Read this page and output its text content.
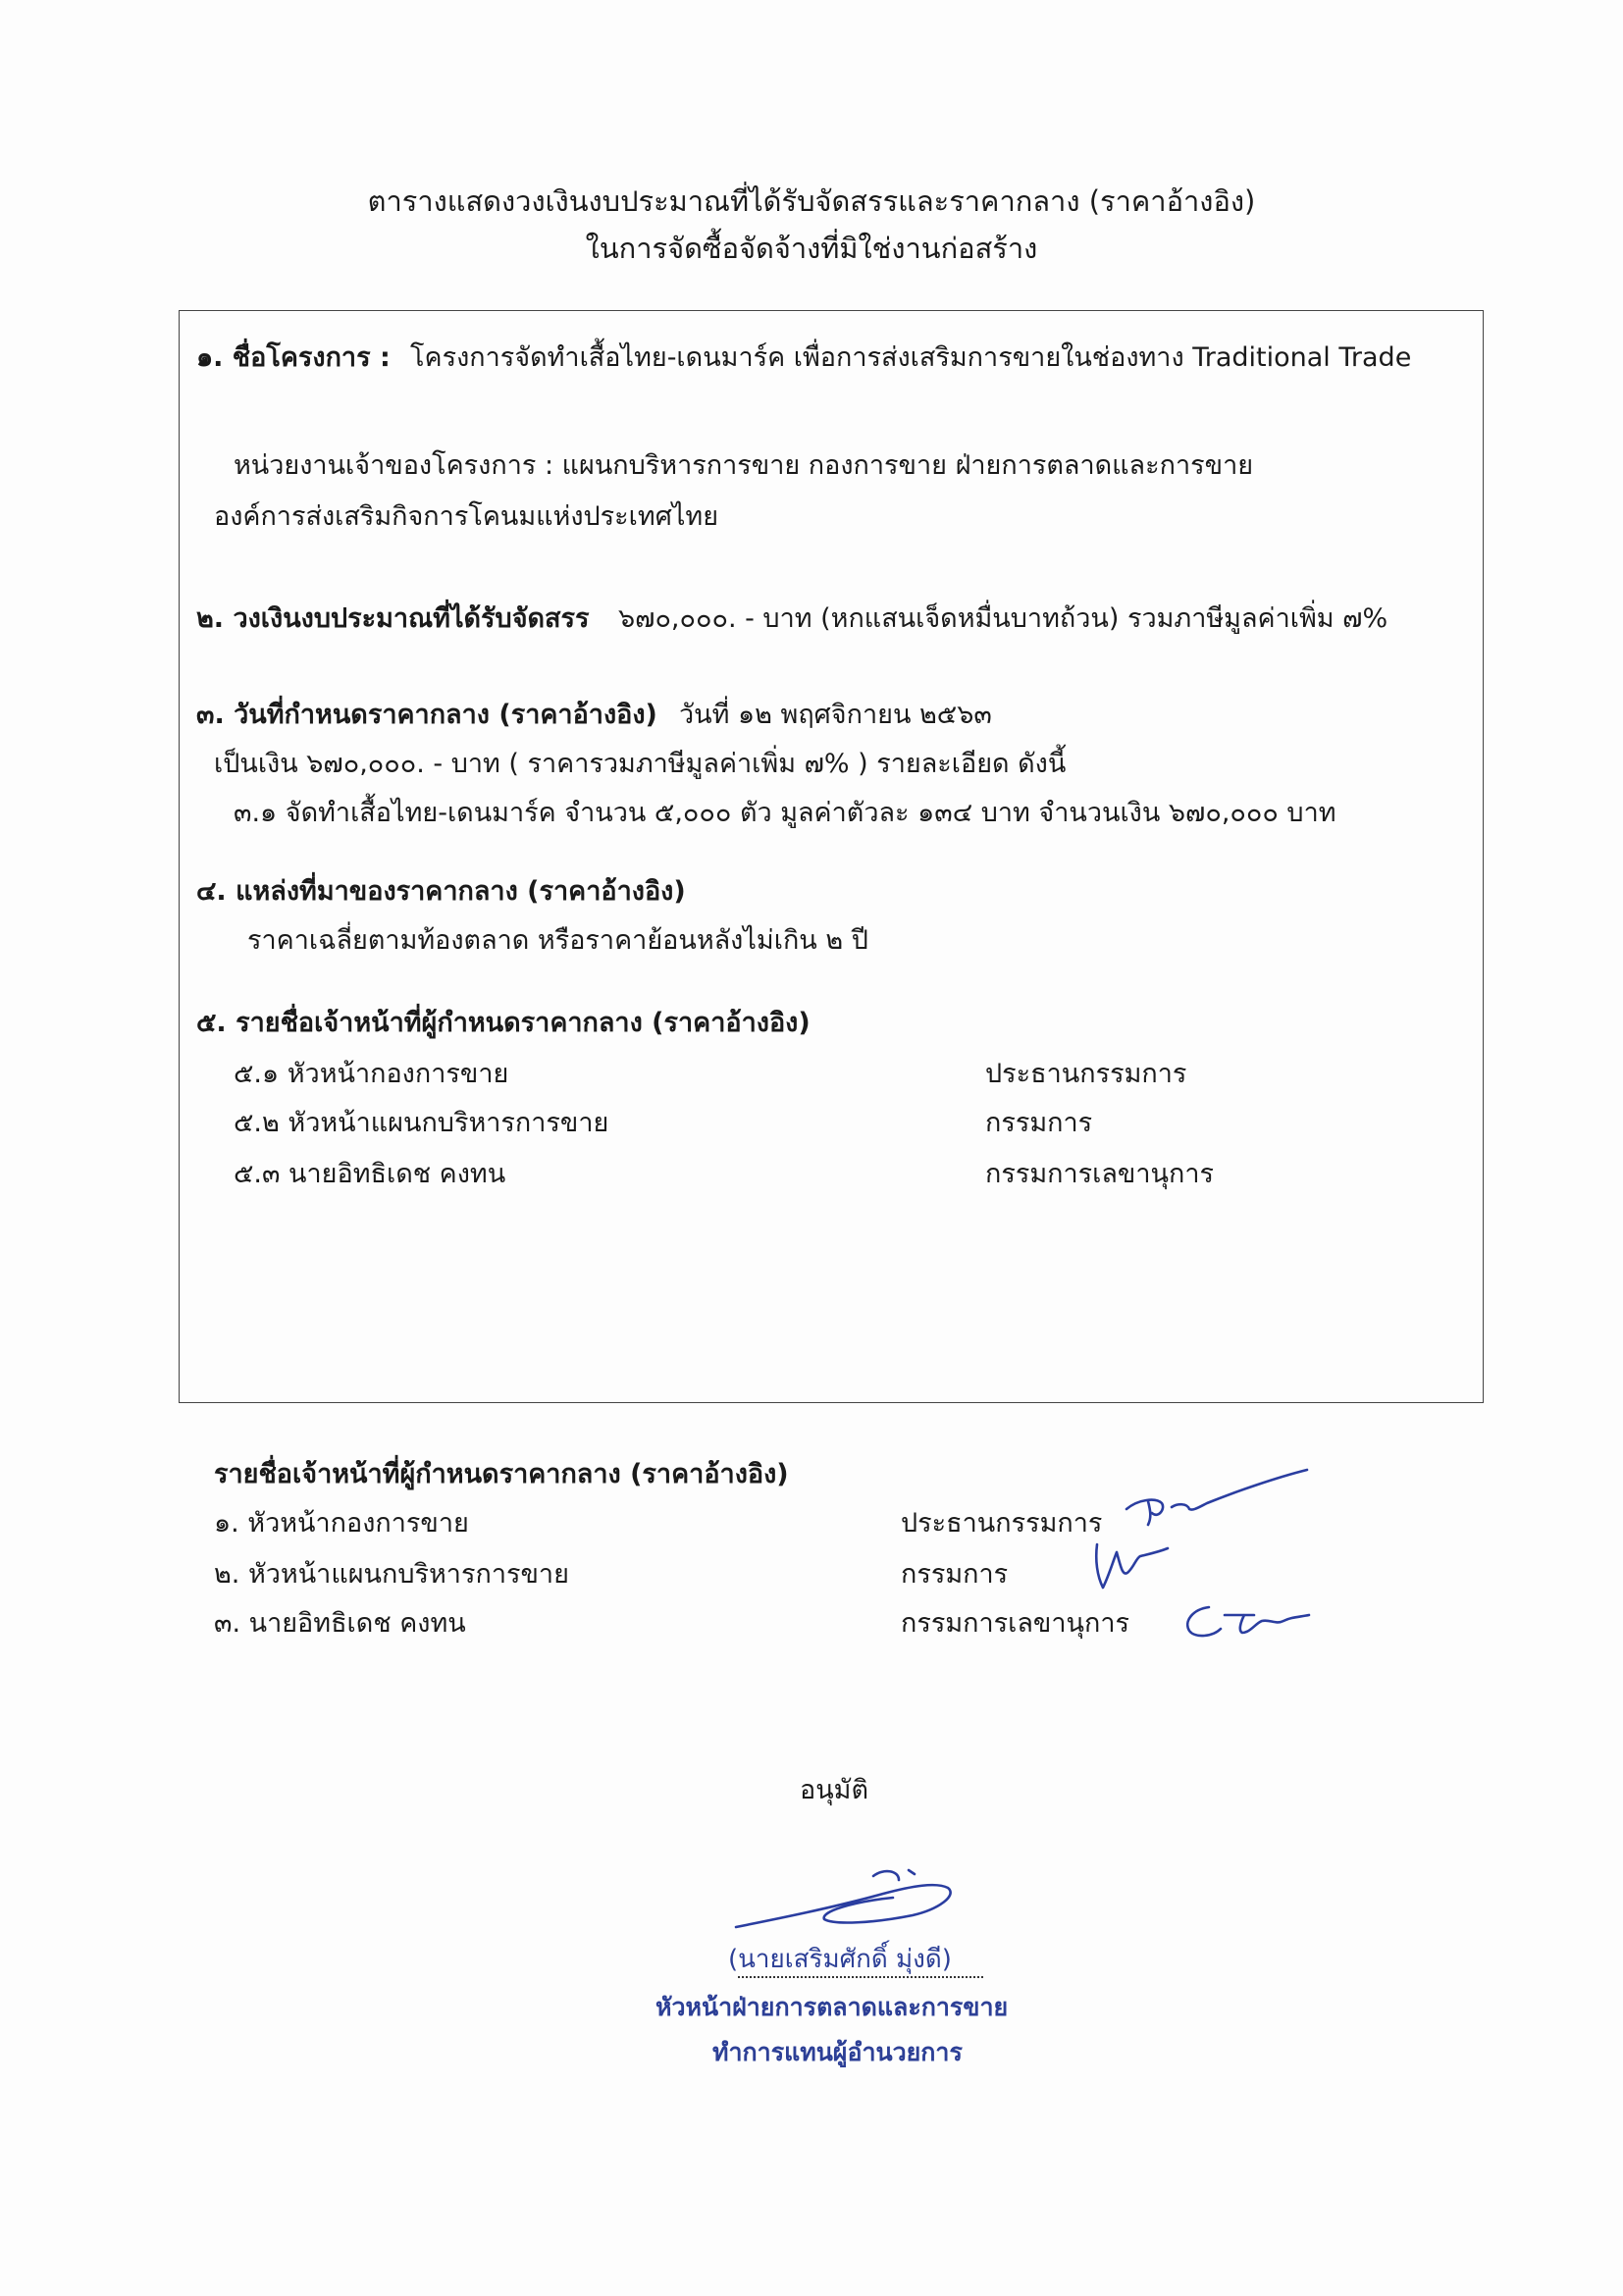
ตารางแสดงวงเงินงบประมาณที่ได้รับจัดสรรและราคากลาง (ราคาอ้างอิง)
ในการจัดซื้อจัดจ้างที่มิใช่งานก่อสร้าง
๑. ชื่อโครงการ : โครงการจัดทำเสื้อไทย-เดนมาร์ค เพื่อการส่งเสริมการขายในช่องทาง Traditional Trade
หน่วยงานเจ้าของโครงการ : แผนกบริหารการขาย กองการขาย ฝ่ายการตลาดและการขาย
องค์การส่งเสริมกิจการโคนมแห่งประเทศไทย
๒. วงเงินงบประมาณที่ได้รับจัดสรร ๖๗๐,๐๐๐. - บาท (หกแสนเจ็ดหมื่นบาทถ้วน) รวมภาษีมูลค่าเพิ่ม ๗%
๓. วันที่กำหนดราคากลาง (ราคาอ้างอิง) วันที่ ๑๒ พฤศจิกายน ๒๕๖๓
เป็นเงิน ๖๗๐,๐๐๐. - บาท ( ราคารวมภาษีมูลค่าเพิ่ม ๗% ) รายละเอียด ดังนี้
๓.๑ จัดทำเสื้อไทย-เดนมาร์ค จำนวน ๕,๐๐๐ ตัว มูลค่าตัวละ ๑๓๔ บาท จำนวนเงิน ๖๗๐,๐๐๐ บาท
๔. แหล่งที่มาของราคากลาง (ราคาอ้างอิง)
ราคาเฉลี่ยตามท้องตลาด หรือราคาย้อนหลังไม่เกิน ๒ ปี
๕. รายชื่อเจ้าหน้าที่ผู้กำหนดราคากลาง (ราคาอ้างอิง)
๕.๑ หัวหน้ากองการขาย	ประธานกรรมการ
๕.๒ หัวหน้าแผนกบริหารการขาย	กรรมการ
๕.๓ นายอิทธิเดช คงทน	กรรมการเลขานุการ
รายชื่อเจ้าหน้าที่ผู้กำหนดราคากลาง (ราคาอ้างอิง)
๑. หัวหน้ากองการขาย	ประธานกรรมการ
๒. หัวหน้าแผนกบริหารการขาย	กรรมการ
๓. นายอิทธิเดช คงทน	กรรมการเลขานุการ
อนุมัติ
(นายเสริมศักดิ์ มุ่งดี)
หัวหน้าฝ่ายการตลาดและการขาย
ทำการแทนผู้อำนวยการ
